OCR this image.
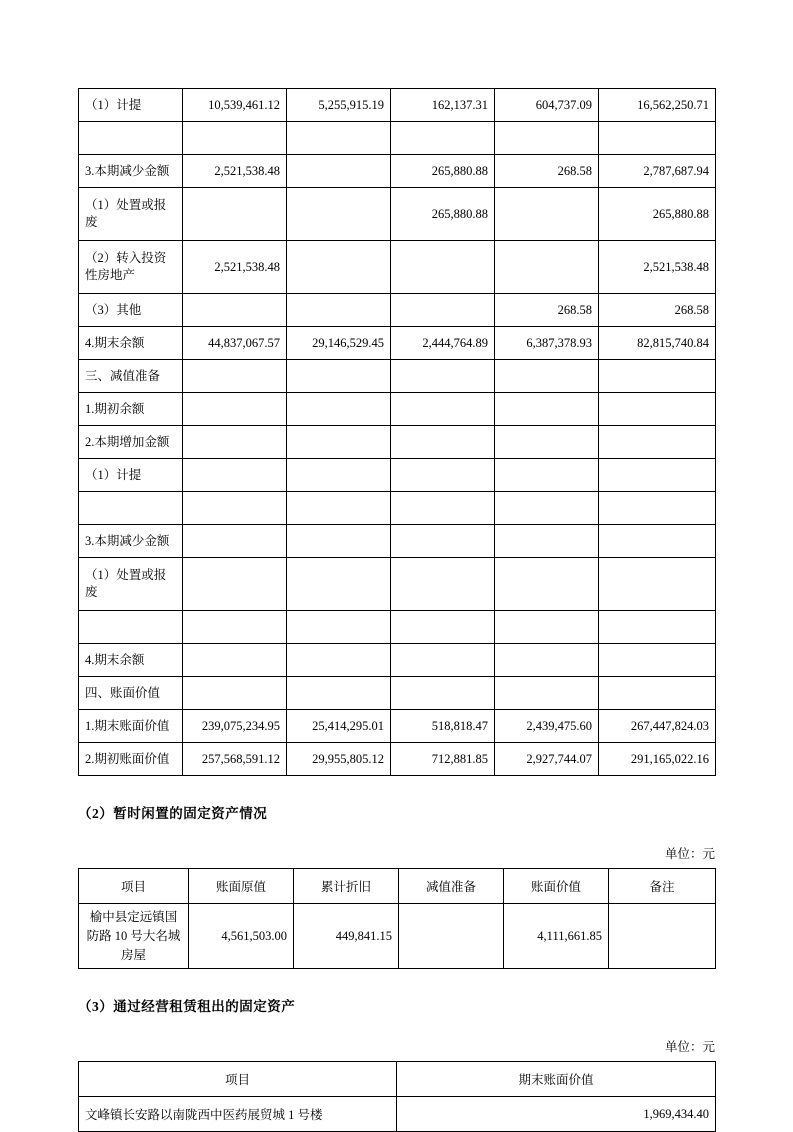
（1）计提	10,539,461.12	5,255,915.19	162,137.31	604,737.09	16,562,250.71

3.本期减少金额	2,521,538.48		265,880.88	268.58	2,787,687.94
（1）处置或报废			265,880.88		265,880.88
（2）转入投资性房地产	2,521,538.48				2,521,538.48
（3）其他				268.58	268.58
4.期末余额	44,837,067.57	29,146,529.45	2,444,764.89	6,387,378.93	82,815,740.84
三、减值准备					
1.期初余额					
2.本期增加金额					
（1）计提					

3.本期减少金额					
（1）处置或报废					

4.期末余额					
四、账面价值					
1.期末账面价值	239,075,234.95	25,414,295.01	518,818.47	2,439,475.60	267,447,824.03
2.期初账面价值	257,568,591.12	29,955,805.12	712,881.85	2,927,744.07	291,165,022.16
（2）暂时闲置的固定资产情况
单位：元
项目	账面原值	累计折旧	减值准备	账面价值	备注
榆中县定远镇国防路 10 号大名城房屋	4,561,503.00	449,841.15		4,111,661.85	
（3）通过经营租赁租出的固定资产
单位：元
项目	期末账面价值
文峰镇长安路以南陇西中医药展贸城 1 号楼	1,969,434.40
